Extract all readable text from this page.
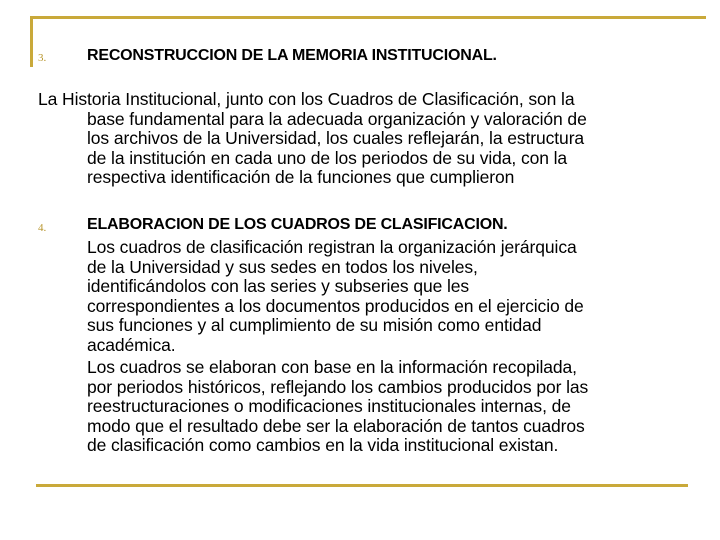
3.	RECONSTRUCCION DE LA MEMORIA INSTITUCIONAL.
La Historia Institucional, junto con los Cuadros de Clasificación, son la
base fundamental para la adecuada organización y valoración de
los archivos de la Universidad, los cuales reflejarán, la estructura
de la institución en cada uno de los periodos de su vida, con la
respectiva identificación de la funciones que cumplieron
4.	ELABORACION DE LOS CUADROS DE CLASIFICACION.
Los cuadros de clasificación registran la organización jerárquica
de la Universidad y sus sedes en todos los niveles,
identificándolos con las series y subseries que les
correspondientes a los documentos producidos en el ejercicio de
sus funciones y al cumplimiento de su misión como entidad
académica.
Los cuadros se elaboran con base en la información recopilada,
por periodos históricos, reflejando los cambios producidos por las
reestructuraciones o modificaciones institucionales internas, de
modo que el resultado debe ser la elaboración de tantos cuadros
de clasificación como cambios en la vida institucional existan.
